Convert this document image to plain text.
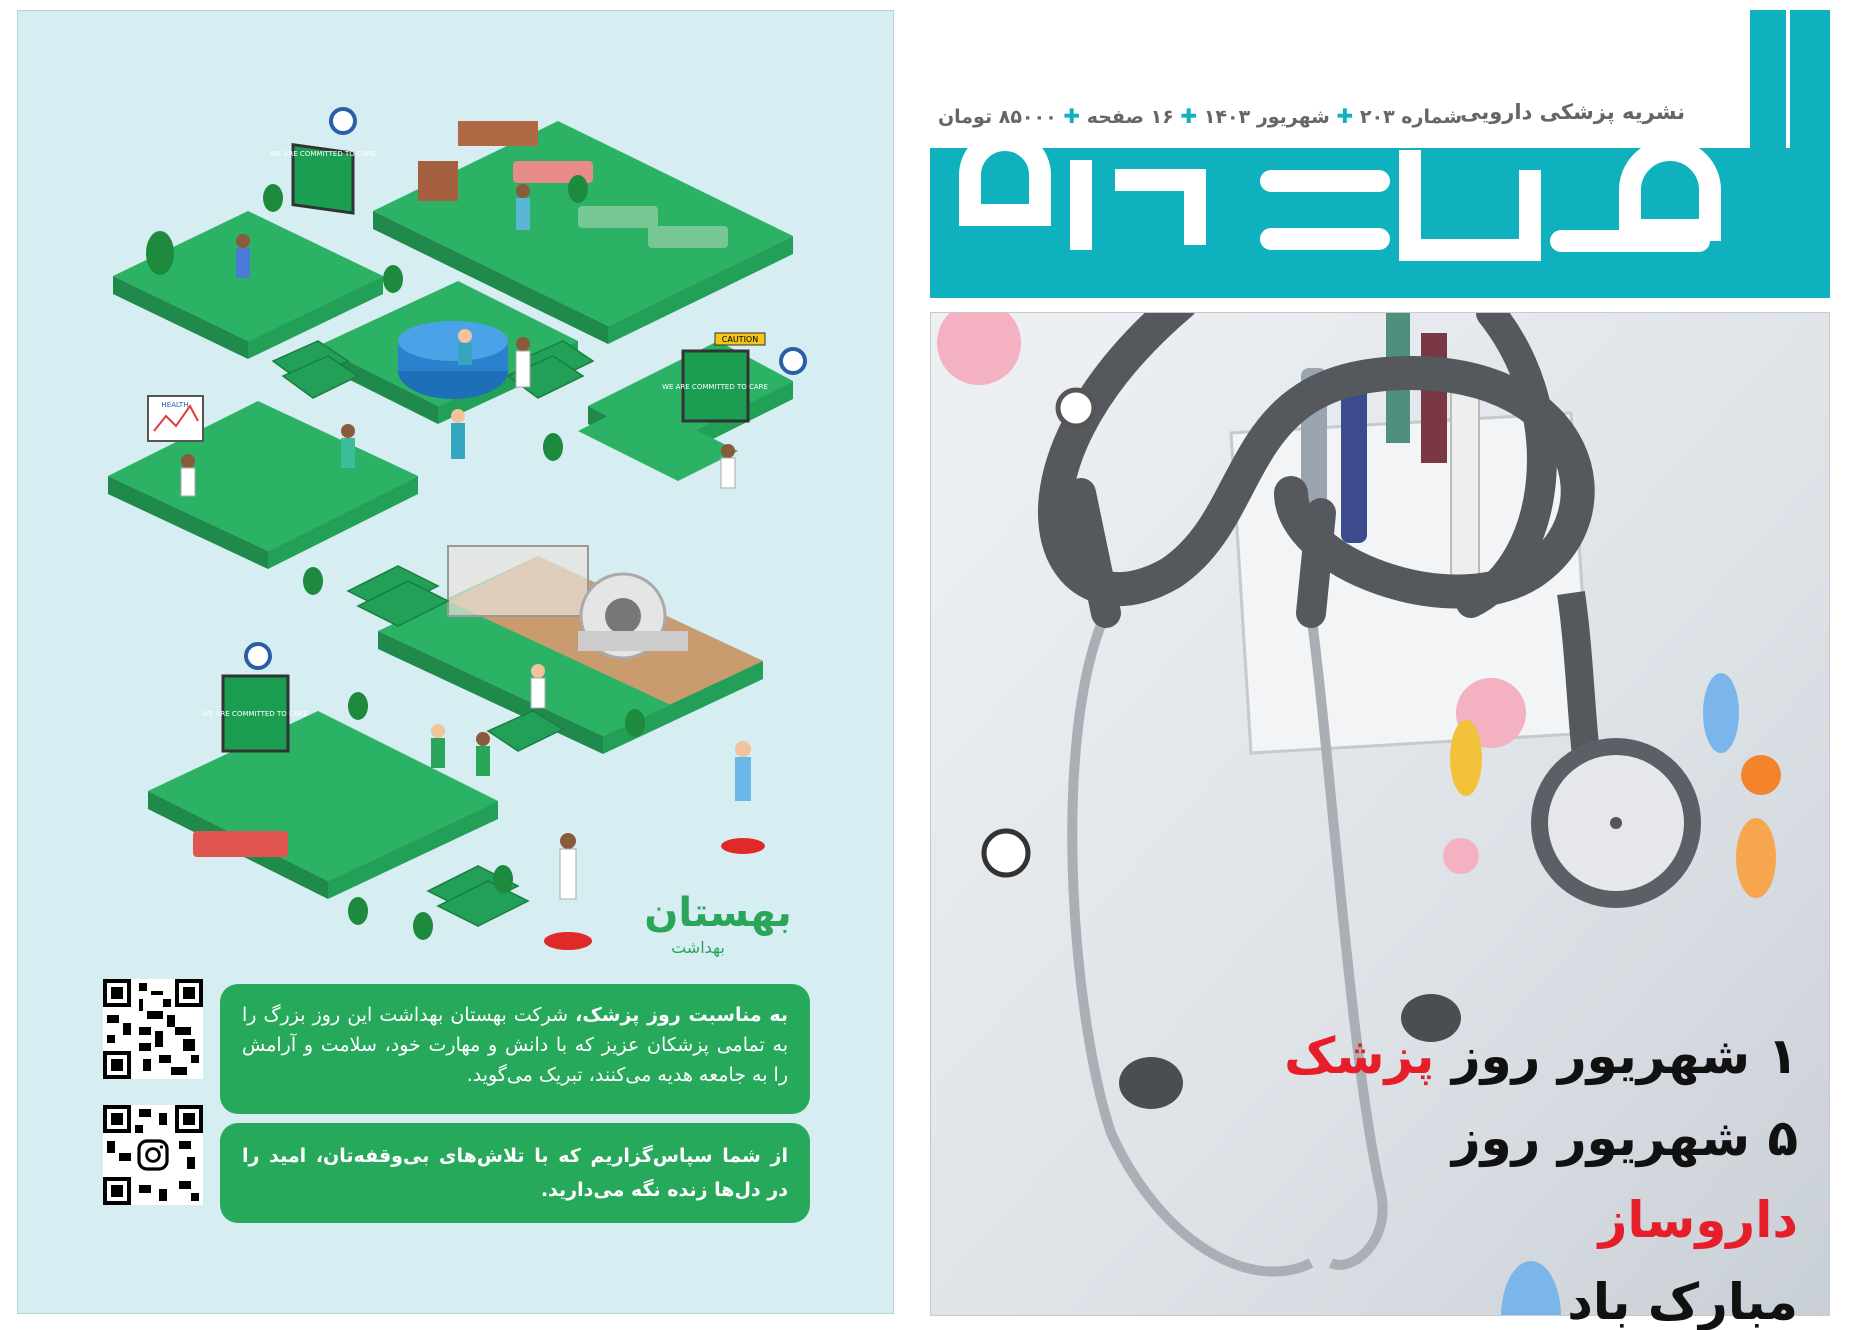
WE ARE COMMITTED TO CARE
WE ARE COMMITTED TO CARE
WE ARE COMMITTED TO CARE
CAUTION
HEALTH
بهستان
بهداشت
به مناسبت روز پزشک، شرکت بهستان بهداشت این روز بزرگ را به تمامی پزشکان عزیز که با دانش و مهارت خود، سلامت و آرامش را به جامعه هدیه می‌کنند، تبریک می‌گوید.
از شما سپاس‌گزاریم که با تلاش‌های بی‌وقفه‌تان، امید را در دل‌ها زنده نگه می‌دارید.
نوین دارو
نشریه پزشکی دارویی
شماره ۲۰۳ ✚ شهریور ۱۴۰۳ ✚ ۱۶ صفحه ✚ ۸۵۰۰۰ تومان
۱ شهریور روز پزشک
۵ شهریور روز داروساز
مبارک باد
